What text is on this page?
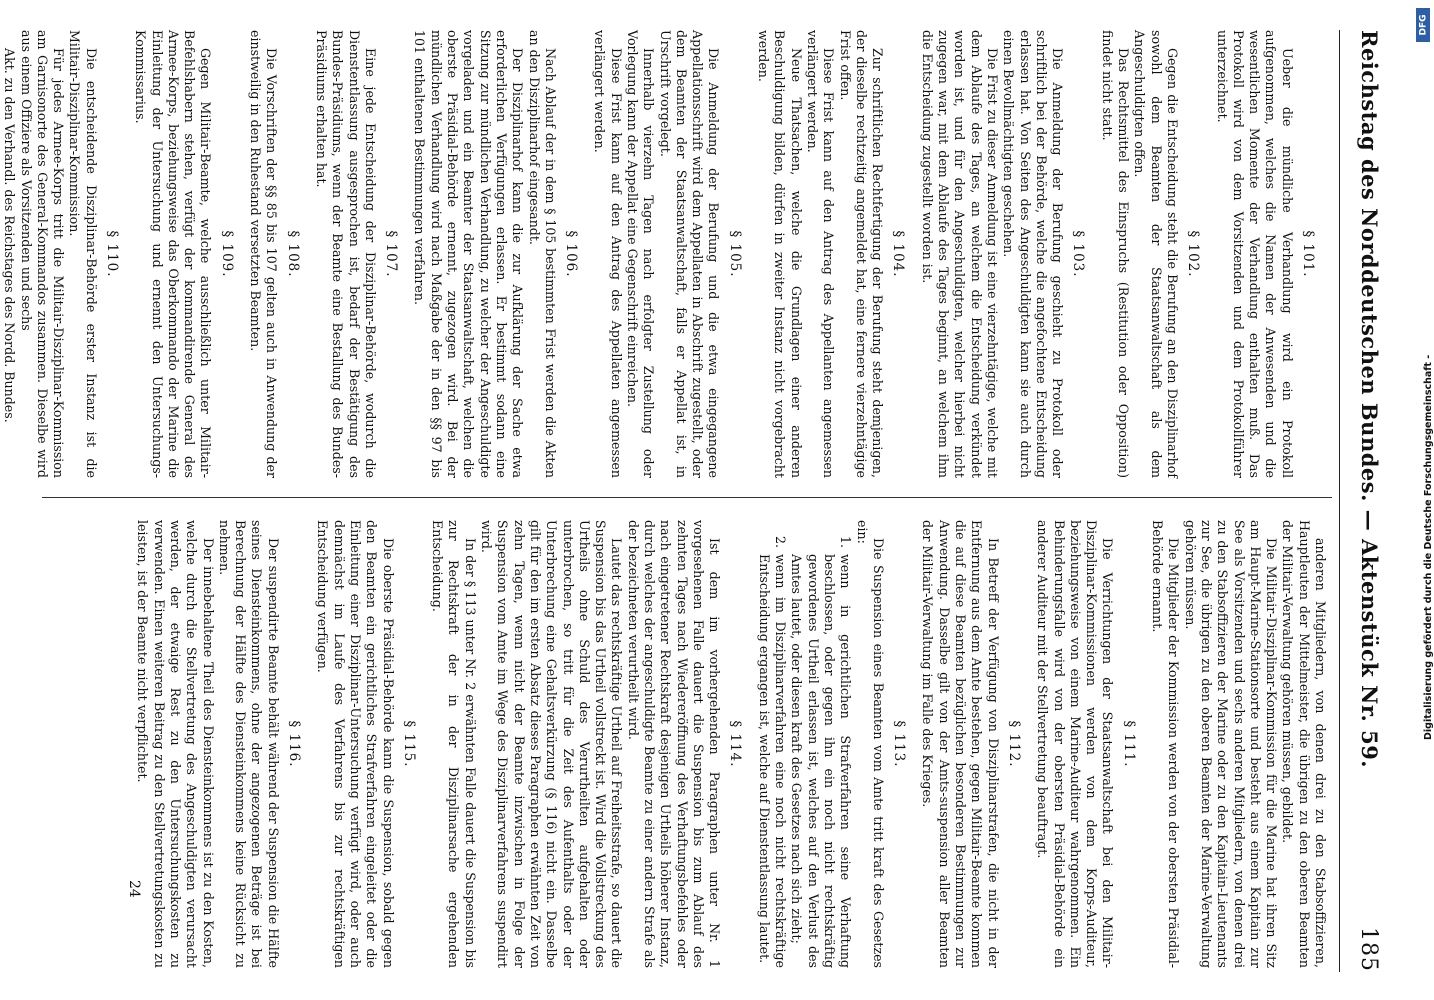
Reichstag des Norddeutschen Bundes. — Aktenstück Nr. 59.
185
§ 101.

Ueber die mündliche Verhandlung wird ein Protokoll aufgenommen, welches die Namen der Anwesenden und die wesentlichen Momente der Verhandlung enthalten muß. Das Protokoll wird von dem Vorsitzenden und dem Protokollführer unterzeichnet.

§ 102.

Gegen die Entscheidung steht die Berufung an den Disziplinarhof sowohl dem Beamten der Staatsanwaltschaft als dem Angeschuldigten offen.

Das Rechtsmittel des Einspruchs (Restitution oder Opposition) findet nicht statt.

§ 103.

Die Anmeldung der Berufung geschieht zu Protokoll oder schriftlich bei der Behörde, welche die angefochtene Entscheidung erlassen hat. Von Seiten des Angeschuldigten kann sie auch durch einen Bevollmächtigten geschehen.

Die Frist zu dieser Anmeldung ist eine vierzehntägige, welche mit dem Ablaufe des Tages, an welchem die Entscheidung verkündet worden ist, und für den Angeschuldigten, welcher hierbei nicht zugegen war, mit dem Ablaufe des Tages beginnt, an welchem ihm die Entscheidung zugestellt worden ist.

§ 104.

Zur schriftlichen Rechtfertigung der Berufung steht demjenigen, der dieselbe rechtzeitig angemeldet hat, eine fernere vierzehntägige Frist offen.

Diese Frist kann auf den Antrag des Appellanten angemessen verlängert werden.

Neue Thatsachen, welche die Grundlagen einer anderen Beschuldigung bilden, dürfen in zweiter Instanz nicht vorgebracht werden.

§ 105.

Die Anmeldung der Berufung und die etwa eingegangene Appellationsschrift wird dem Appellaten in Abschrift zugestellt, oder dem Beamten der Staatsanwaltschaft, falls er Appellat ist, in Urschrift vorgelegt.

Innerhalb vierzehn Tagen nach erfolgter Zustellung oder Vorlegung kann der Appellat eine Gegenschrift einreichen.

Diese Frist kann auf den Antrag des Appellaten angemessen verlängert werden.

§ 106.

Nach Ablauf der in dem § 105 bestimmten Frist werden die Akten an den Disziplinarhof eingesandt.

Der Disziplinarhof kann die zur Aufklärung der Sache etwa erforderlichen Verfügungen erlassen. Er bestimmt sodann eine Sitzung zur mündlichen Verhandlung, zu welcher der Angeschuldigte vorgeladen und ein Beamter der Staatsanwaltschaft, welchen die oberste Präsidial-Behörde ernennt, zugezogen wird. Bei der mündlichen Verhandlung wird nach Maßgabe der in den §§ 97 bis 101 enthaltenen Bestimmungen verfahren.

§ 107.

Eine jede Entscheidung der Disziplinar-Behörde, wodurch die Dienstentlassung ausgesprochen ist, bedarf der Bestätigung des Bundes-Präsidiums, wenn der Beamte eine Bestallung des Bundes-Präsidiums erhalten hat.

§ 108.

Die Vorschriften der §§ 85 bis 107 gelten auch in Anwendung der einstweilig in den Ruhestand versetzten Beamten.

§ 109.

Gegen Militair-Beamte, welche ausschließlich unter Militair-Befehlshabern stehen, verfügt der kommandirende General des Armee-Korps, beziehungsweise das Oberkommando der Marine die Einleitung der Untersuchung und ernennt den Untersuchungs-Kommissarius.

§ 110.

Die entscheidende Disziplinar-Behörde erster Instanz ist die Militair-Disziplinar-Kommission.

Für jedes Armee-Korps tritt die Militair-Disziplinar-Kommission am Garnisonorte des General-Kommandos zusammen. Dieselbe wird aus einem Offiziere als Vorsitzenden und sechs

Akt. zu den Verhandl. des Reichstages des Nordd. Bundes.

anderen Mitgliedern, von denen drei zu den Stabsoffizieren, Hauptleuten der Mittelmeister, die übrigen zu den oberen Beamten der Militair-Verwaltung gehören müssen, gebildet.

Die Militair-Disziplinar-Kommission für die Marine hat ihren Sitz am Haupt-Marine-Stationsorte und besteht aus einem Kapitain zur See als Vorsitzenden und sechs anderen Mitgliedern, von denen drei zu den Stabsoffizieren der Marine oder zu den Kapitain-Lieutenants zur See, die übrigen zu den oberen Beamten der Marine-Verwaltung gehören müssen.

Die Mitglieder der Kommission werden von der obersten Präsidial-Behörde ernannt.

§ 111.

Die Verrichtungen der Staatsanwaltschaft bei den Militair-Disziplinar-Kommissionen werden von dem Korps-Auditeur, beziehungsweise von einem Marine-Auditeur wahrgenommen. Ein Behinderungsfalle wird von der obersten Präsidial-Behörde ein anderer Auditeur mit der Stellvertretung beauftragt.

§ 112.

In Betreff der Verfügung von Disziplinarstrafen, die nicht in der Entfernung aus dem Amte bestehen, gegen Militair-Beamte kommen die auf diese Beamten bezüglichen besonderen Bestimmungen zur Anwendung. Dasselbe gilt von der Amts-suspension aller Beamten der Militair-Verwaltung im Falle des Krieges.

§ 113.

Die Suspension eines Beamten vom Amte tritt kraft des Gesetzes ein:

1.
wenn in gerichtlichen Strafverfahren seine Verhaftung beschlossen, oder gegen ihn ein noch nicht rechtskräftig gewordenes Urtheil erlassen ist, welches auf den Verlust des Amtes lautet, oder diesen kraft des Gesetzes nach sich zieht;
2.
wenn im Disziplinarverfahren eine noch nicht rechtskräftige Entscheidung ergangen ist, welche auf Dienstentlassung lautet.
§ 114.

Ist dem im vorhergehenden Paragraphen unter Nr. 1 vorgesehenen Falle dauert die Suspension bis zum Ablauf des zehnten Tages nach Wiedereröffnung des Verhaftungsbefehles oder nach eingetretener Rechtskraft desjenigen Urtheils höherer Instanz, durch welches der angeschuldigte Beamte zu einer andern Strafe als der bezeichneten verurtheilt wird.

Lautet das rechtskräftige Urtheil auf Freiheitsstrafe, so dauert die Suspension bis das Urtheil vollstreckt ist. Wird die Vollstreckung des Urtheils ohne Schuld des Verurtheilten aufgehalten oder unterbrochen, so tritt für die Zeit des Aufenthalts oder der Unterbrechung eine Gehaltsverkürzung (§ 116) nicht ein. Dasselbe gilt für den im ersten Absatz dieses Paragraphen erwähnten Zeit von zehn Tagen, wenn nicht der Beamte inzwischen in Folge der Suspension vom Amte im Wege des Disziplinarverfahrens suspendirt wird.

In der § 113 unter Nr. 2 erwähnten Falle dauert die Suspension bis zur Rechtskraft der in der Disziplinarsache ergehenden Entscheidung.

§ 115.

Die oberste Präsidial-Behörde kann die Suspension, sobald gegen den Beamten ein gerichtliches Strafverfahren eingeleitet oder die Einleitung einer Disziplinar-Untersuchung verfügt wird, oder auch demnächst im Laufe des Verfahrens bis zur rechtskräftigen Entscheidung verfügen.

§ 116.

Der suspendirte Beamte behält während der Suspension die Hälfte seines Diensteinkommens, ohne der angezogenen Beträge ist bei Berechnung der Hälfte des Diensteinkommens keine Rücksicht zu nehmen.

Der innebehaltene Theil des Diensteinkommens ist zu den Kosten, welche durch die Stellvertretung des Angeschuldigten verursacht werden, der etwaige Rest zu den Untersuchungskosten zu verwenden. Einen weiteren Beitrag zu den Stellvertretungskosten zu leisten, ist der Beamte nicht verpflichtet.

24
DFG
Digitalisierung gefördert durch die Deutsche Forschungsgemeinschaft -
